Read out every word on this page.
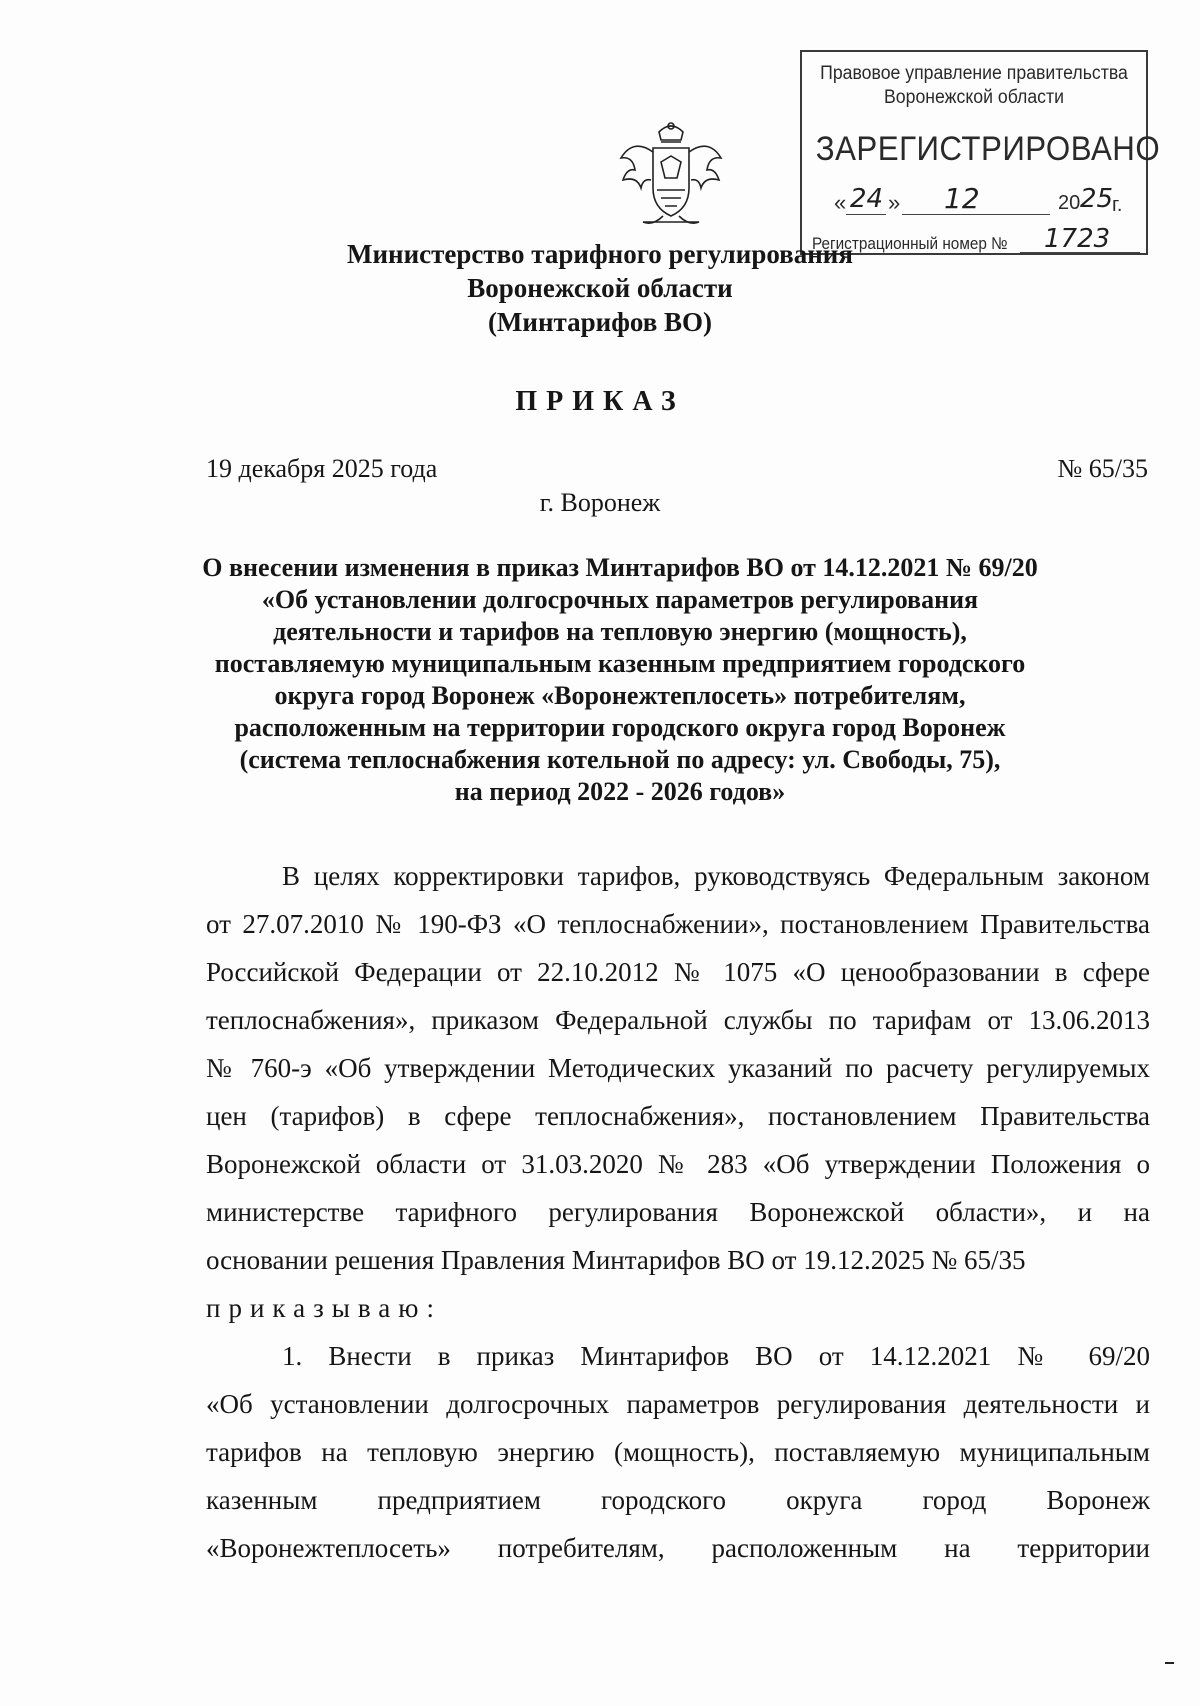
Правовое управление правительства
Воронежской области
ЗАРЕГИСТРИРОВАНО
« 24 » 12	20 25
г.
Регистрационный номер № 1723
Министерство тарифного регулирования
Воронежской области
(Минтарифов ВО)
ПРИКАЗ
19 декабря 2025 года	№ 65/35
г. Воронеж
О внесении изменения в приказ Минтарифов ВО от 14.12.2021 № 69/20
«Об установлении долгосрочных параметров регулирования
деятельности и тарифов на тепловую энергию (мощность),
поставляемую муниципальным казенным предприятием городского
округа город Воронеж «Воронежтеплосеть» потребителям,
расположенным на территории городского округа город Воронеж
(система теплоснабжения котельной по адресу: ул. Свободы, 75),
на период 2022 - 2026 годов»
В целях корректировки тарифов, руководствуясь Федеральным законом
от 27.07.2010 № 190-ФЗ «О теплоснабжении», постановлением Правительства
Российской Федерации от 22.10.2012 № 1075 «О ценообразовании в сфере
теплоснабжения», приказом Федеральной службы по тарифам от 13.06.2013
№ 760-э «Об утверждении Методических указаний по расчету регулируемых
цен (тарифов) в сфере теплоснабжения», постановлением Правительства
Воронежской области от 31.03.2020 № 283 «Об утверждении Положения о
министерстве тарифного регулирования Воронежской области», и на
основании решения Правления Минтарифов ВО от 19.12.2025 № 65/35
приказываю:
1. Внести в приказ Минтарифов ВО от 14.12.2021 № 69/20
«Об установлении долгосрочных параметров регулирования деятельности и
тарифов на тепловую энергию (мощность), поставляемую муниципальным
казенным предприятием городского округа город Воронеж
«Воронежтеплосеть» потребителям, расположенным на территории
